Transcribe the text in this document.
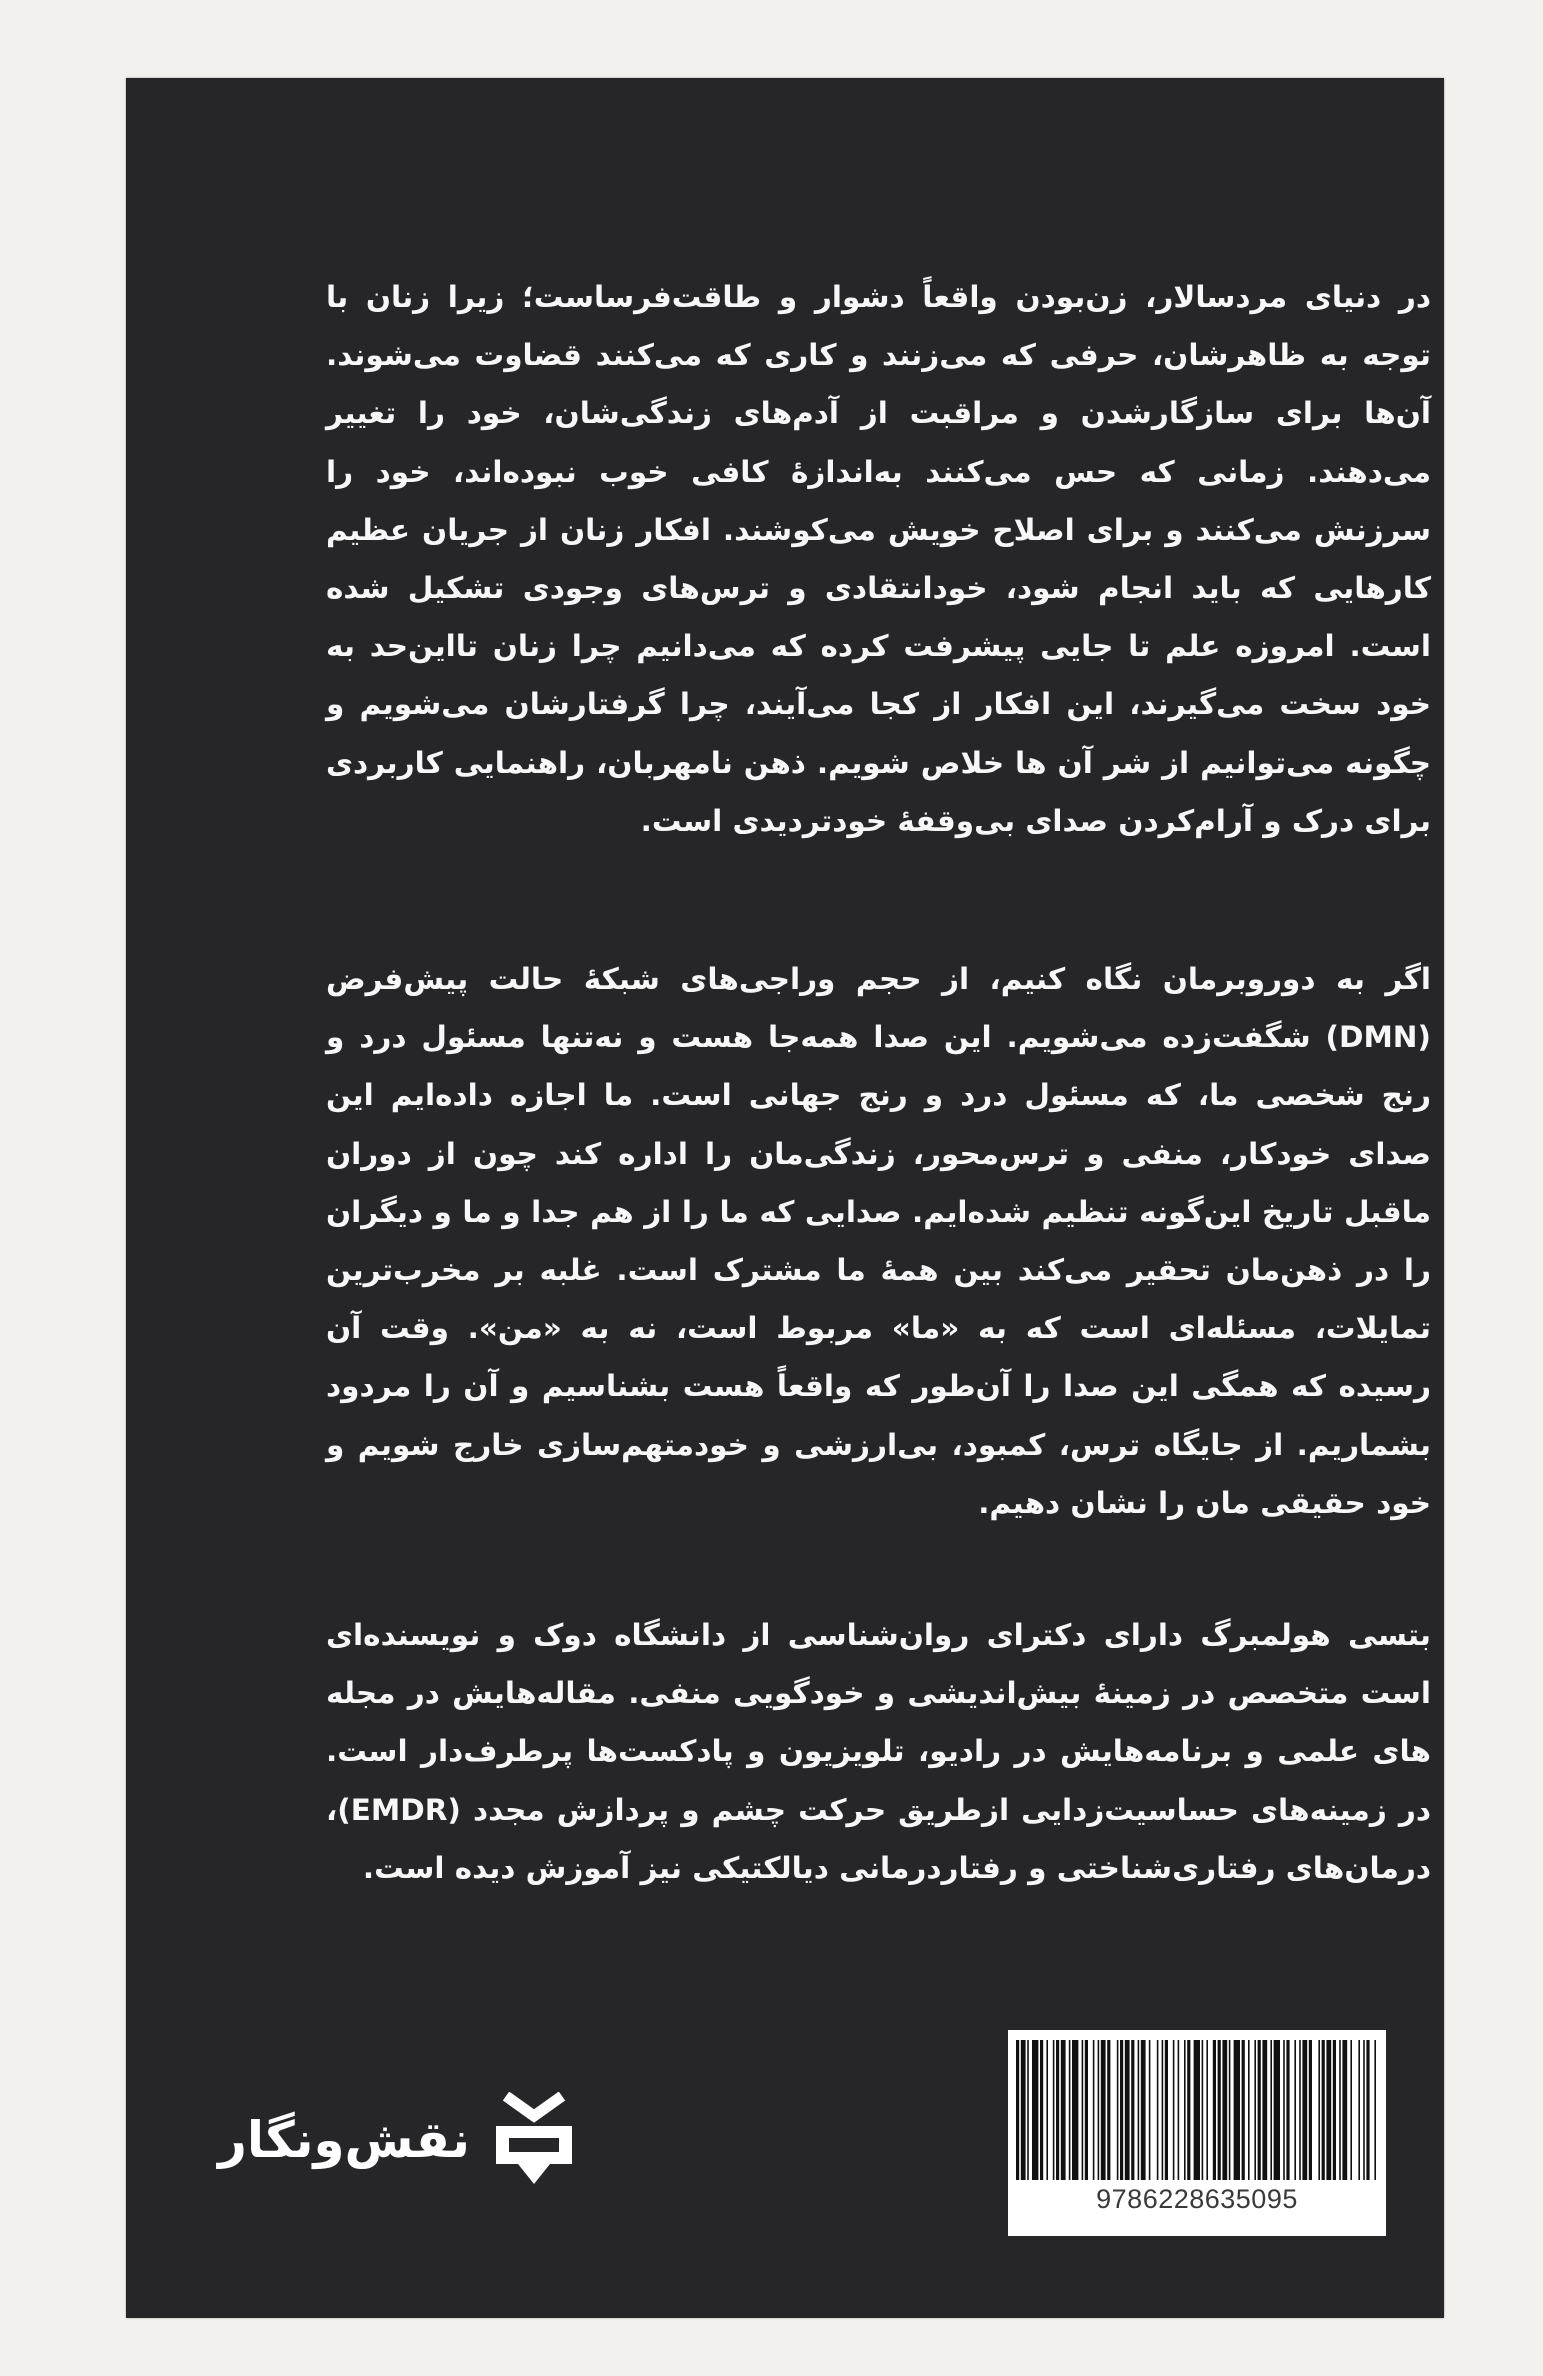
در دنیای مردسالار، زن‌بودن واقعاً دشوار و طاقت‌فرساست؛ زیرا زنان با توجه به ظاهرشان، حرفی که می‌زنند و کاری که می‌کنند قضاوت می‌شوند. آن‌ها برای سازگارشدن و مراقبت از آدم‌های زندگی‌شان، خود را تغییر می‌دهند. زمانی که حس می‌کنند به‌اندازهٔ کافی خوب نبوده‌اند، خود را سرزنش می‌کنند و برای اصلاح خویش می‌کوشند. افکار زنان از جریان عظیم کارهایی که باید انجام شود، خودانتقادی و ترس‌های وجودی تشکیل شده است. امروزه علم تا جایی پیشرفت کرده که می‌دانیم چرا زنان تااین‌حد به خود سخت می‌گیرند، این افکار از کجا می‌آیند، چرا گرفتارشان می‌شویم و چگونه می‌توانیم از شر آن ها خلاص شویم. ذهن نامهربان، راهنمایی کاربردی برای درک و آرام‌کردن صدای بی‌وقفهٔ خودتردیدی است.

اگر به دوروبرمان نگاه کنیم، از حجم وراجی‌های شبکهٔ حالت پیش‌فرض (DMN) شگفت‌زده می‌شویم. این صدا همه‌جا هست و نه‌تنها مسئول درد و رنج شخصی ما، که مسئول درد و رنج جهانی است. ما اجازه داده‌ایم این صدای خودکار، منفی و ترس‌محور، زندگی‌مان را اداره کند چون از دوران ماقبل تاریخ این‌گونه تنظیم شده‌ایم. صدایی که ما را از هم جدا و ما و دیگران را در ذهن‌مان تحقیر می‌کند بین همهٔ ما مشترک است. غلبه بر مخرب‌ترین تمایلات، مسئله‌ای است که به «ما» مربوط است، نه به «من». وقت آن رسیده که همگی این صدا را آن‌طور که واقعاً هست بشناسیم و آن را مردود بشماریم. از جایگاه ترس، کمبود، بی‌ارزشی و خودمتهم‌سازی خارج شویم و خود حقیقی مان را نشان دهیم.

بتسی هولمبرگ دارای دکترای روان‌شناسی از دانشگاه دوک و نویسنده‌ای است متخصص در زمینهٔ بیش‌اندیشی و خودگویی منفی. مقاله‌هایش در مجله های علمی و برنامه‌هایش در رادیو، تلویزیون و پادکست‌ها پرطرف‌دار است. در زمینه‌های حساسیت‌زدایی ازطریق حرکت چشم و پردازش مجدد (EMDR)، درمان‌های رفتاری‌شناختی و رفتاردرمانی دیالکتیکی نیز آموزش دیده است.

نقش‌ونگار
9786228635095
